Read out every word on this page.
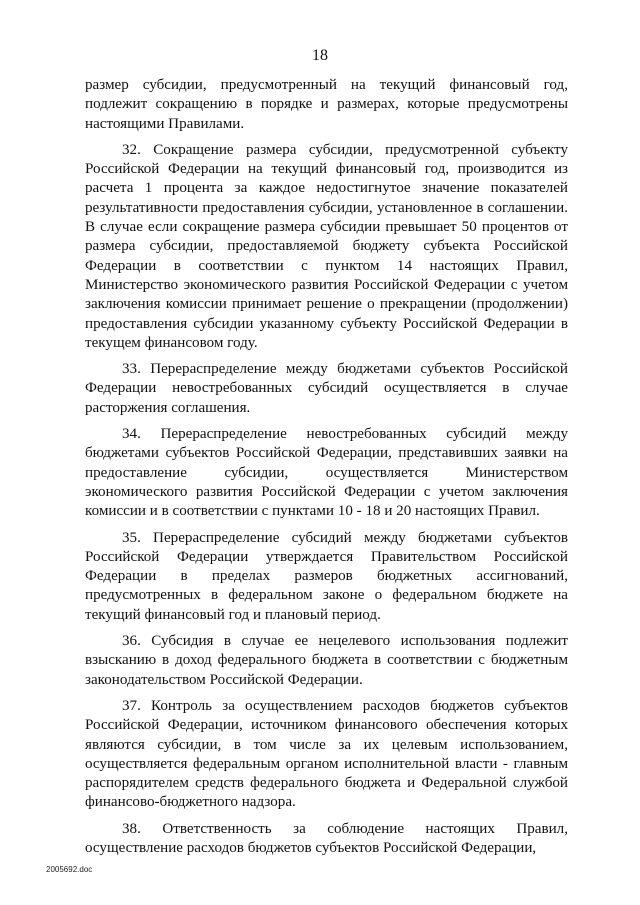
18

размер субсидии, предусмотренный на текущий финансовый год, подлежит сокращению в порядке и размерах, которые предусмотрены настоящими Правилами.

32. Сокращение размера субсидии, предусмотренной субъекту Российской Федерации на текущий финансовый год, производится из расчета 1 процента за каждое недостигнутое значение показателей результативности предоставления субсидии, установленное в соглашении. В случае если сокращение размера субсидии превышает 50 процентов от размера субсидии, предоставляемой бюджету субъекта Российской Федерации в соответствии с пунктом 14 настоящих Правил, Министерство экономического развития Российской Федерации с учетом заключения комиссии принимает решение о прекращении (продолжении) предоставления субсидии указанному субъекту Российской Федерации в текущем финансовом году.

33. Перераспределение между бюджетами субъектов Российской Федерации невостребованных субсидий осуществляется в случае расторжения соглашения.

34. Перераспределение невостребованных субсидий между бюджетами субъектов Российской Федерации, представивших заявки на предоставление субсидии, осуществляется Министерством экономического развития Российской Федерации с учетом заключения комиссии и в соответствии с пунктами 10 - 18 и 20 настоящих Правил.

35. Перераспределение субсидий между бюджетами субъектов Российской Федерации утверждается Правительством Российской Федерации в пределах размеров бюджетных ассигнований, предусмотренных в федеральном законе о федеральном бюджете на текущий финансовый год и плановый период.

36. Субсидия в случае ее нецелевого использования подлежит взысканию в доход федерального бюджета в соответствии с бюджетным законодательством Российской Федерации.

37. Контроль за осуществлением расходов бюджетов субъектов Российской Федерации, источником финансового обеспечения которых являются субсидии, в том числе за их целевым использованием, осуществляется федеральным органом исполнительной власти - главным распорядителем средств федерального бюджета и Федеральной службой финансово-бюджетного надзора.

38. Ответственность за соблюдение настоящих Правил, осуществление расходов бюджетов субъектов Российской Федерации,

2005692.doc
